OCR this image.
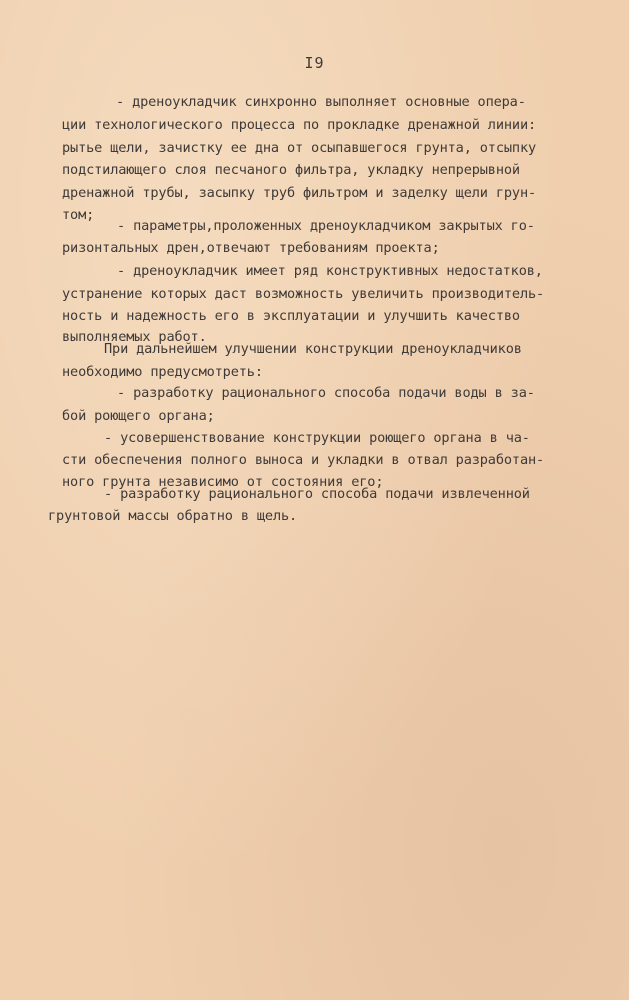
I9
- дреноукладчик синхронно выполняет основные опера-
ции технологического процесса по прокладке дренажной линии:
рытье щели, зачистку ее дна от осыпавшегося грунта, отсыпку
подстилающего слоя песчаного фильтра, укладку непрерывной
дренажной трубы, засыпку труб фильтром и заделку щели грун-
том;
- параметры,проложенных дреноукладчиком закрытых го-
ризонтальных дрен,отвечают требованиям проекта;
- дреноукладчик имеет ряд конструктивных недостатков,
устранение которых даст возможность увеличить производитель-
ность и надежность его в эксплуатации и улучшить качество
выполняемых работ.
При дальнейшем улучшении конструкции дреноукладчиков
необходимо предусмотреть:
- разработку рационального способа подачи воды в за-
бой роющего органа;
- усовершенствование конструкции роющего органа в ча-
сти обеспечения полного выноса и укладки в отвал разработан-
ного грунта независимо от состояния его;
- разработку рационального способа подачи извлеченной
грунтовой массы обратно в щель.
